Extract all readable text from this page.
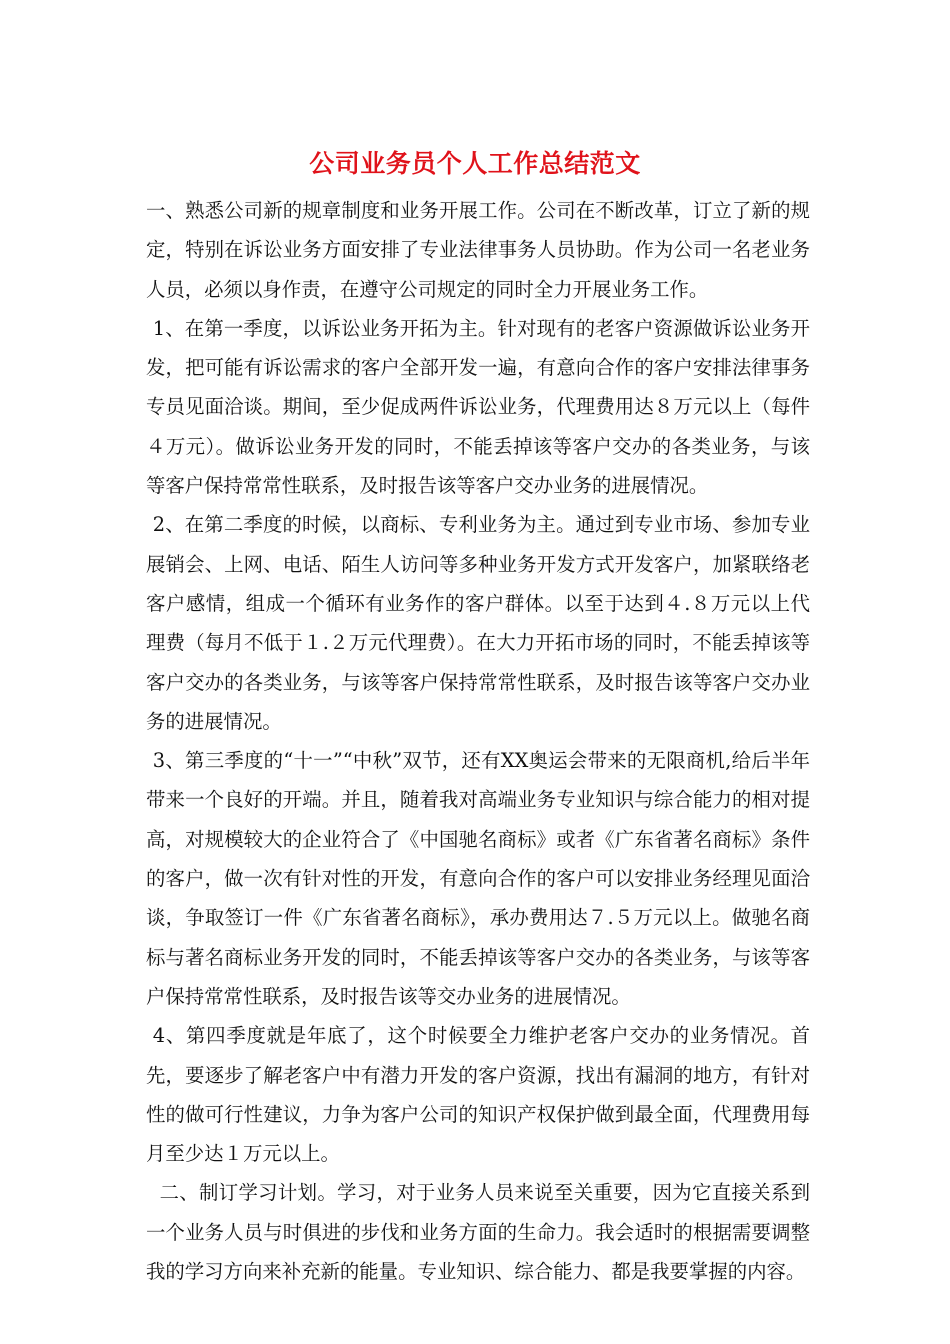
公司业务员个人工作总结范文

一、熟悉公司新的规章制度和业务开展工作。公司在不断改革，订立了新的规定，特别在诉讼业务方面安排了专业法律事务人员协助。作为公司一名老业务人员，必须以身作责，在遵守公司规定的同时全力开展业务工作。

1、在第一季度，以诉讼业务开拓为主。针对现有的老客户资源做诉讼业务开发，把可能有诉讼需求的客户全部开发一遍，有意向合作的客户安排法律事务专员见面洽谈。期间，至少促成两件诉讼业务，代理费用达８万元以上（每件４万元）。做诉讼业务开发的同时，不能丢掉该等客户交办的各类业务，与该等客户保持常常性联系，及时报告该等客户交办业务的进展情况。

2、在第二季度的时候，以商标、专利业务为主。通过到专业市场、参加专业展销会、上网、电话、陌生人访问等多种业务开发方式开发客户，加紧联络老客户感情，组成一个循环有业务作的客户群体。以至于达到４.８万元以上代理费（每月不低于１.２万元代理费）。在大力开拓市场的同时，不能丢掉该等客户交办的各类业务，与该等客户保持常常性联系，及时报告该等客户交办业务的进展情况。

3、第三季度的“十一”“中秋”双节，还有XX奥运会带来的无限商机,给后半年带来一个良好的开端。并且，随着我对高端业务专业知识与综合能力的相对提高，对规模较大的企业符合了《中国驰名商标》或者《广东省著名商标》条件的客户，做一次有针对性的开发，有意向合作的客户可以安排业务经理见面洽谈，争取签订一件《广东省著名商标》，承办费用达７.５万元以上。做驰名商标与著名商标业务开发的同时，不能丢掉该等客户交办的各类业务，与该等客户保持常常性联系，及时报告该等交办业务的进展情况。

4、第四季度就是年底了，这个时候要全力维护老客户交办的业务情况。首先，要逐步了解老客户中有潜力开发的客户资源，找出有漏洞的地方，有针对性的做可行性建议，力争为客户公司的知识产权保护做到最全面，代理费用每月至少达１万元以上。

二、制订学习计划。学习，对于业务人员来说至关重要，因为它直接关系到一个业务人员与时俱进的步伐和业务方面的生命力。我会适时的根据需要调整我的学习方向来补充新的能量。专业知识、综合能力、都是我要掌握的内容。
